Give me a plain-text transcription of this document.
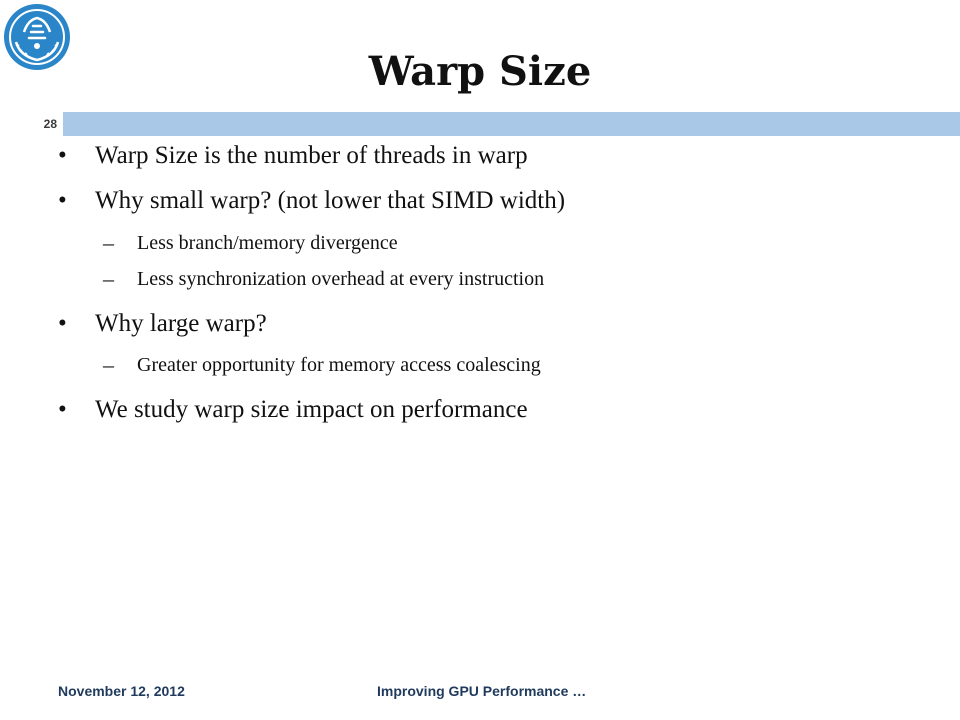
Warp Size
28
• Warp Size is the number of threads in warp
• Why small warp? (not lower that SIMD width)
– Less branch/memory divergence
– Less synchronization overhead at every instruction
• Why large warp?
– Greater opportunity for memory access coalescing
• We study warp size impact on performance
November 12, 2012	Improving GPU Performance …
